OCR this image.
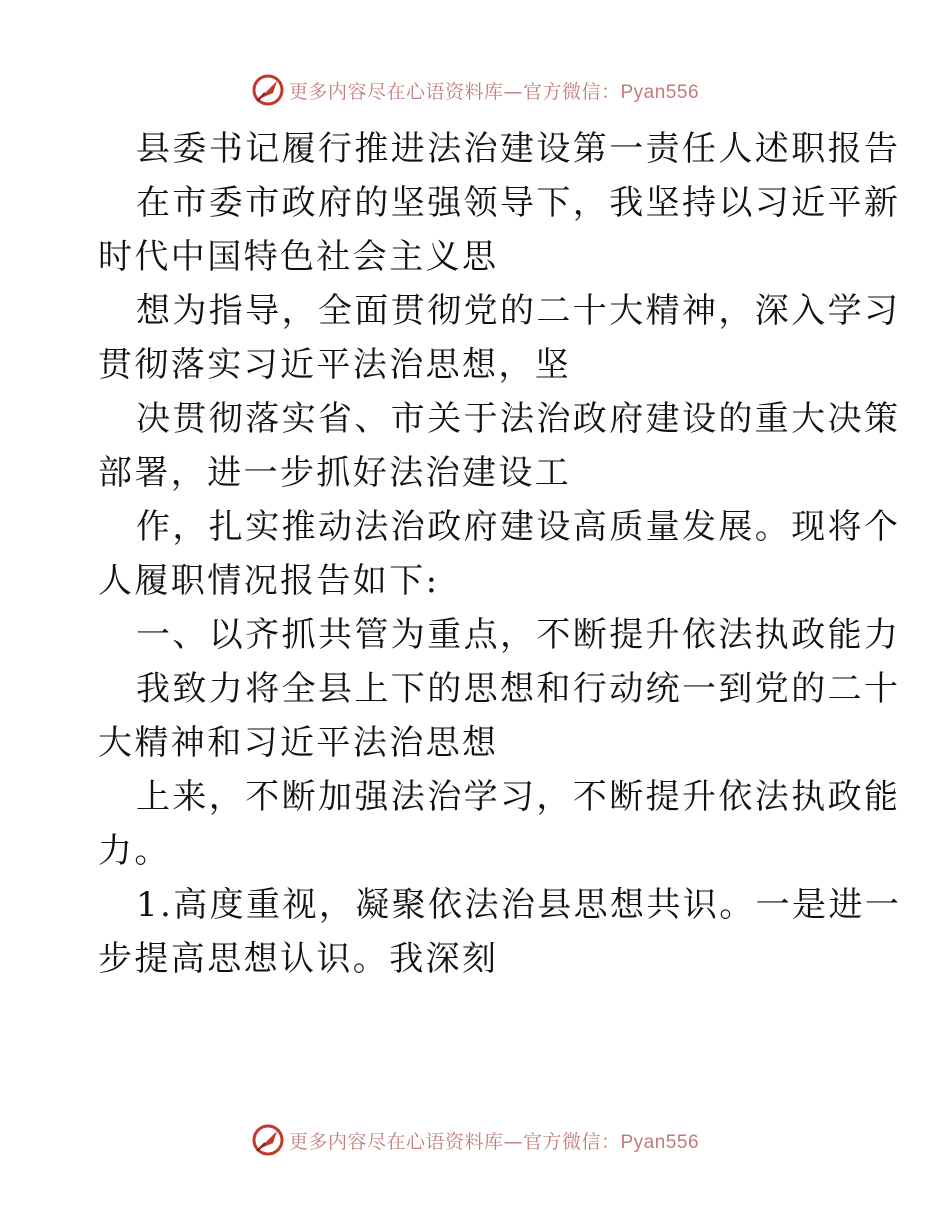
更多内容尽在心语资料库—官方微信：Pyan556
县委书记履行推进法治建设第一责任人述职报告
在市委市政府的坚强领导下，我坚持以习近平新
时代中国特色社会主义思
想为指导，全面贯彻党的二十大精神，深入学习
贯彻落实习近平法治思想，坚
决贯彻落实省、市关于法治政府建设的重大决策
部署，进一步抓好法治建设工
作，扎实推动法治政府建设高质量发展。现将个
人履职情况报告如下:
一、以齐抓共管为重点，不断提升依法执政能力
我致力将全县上下的思想和行动统一到党的二十
大精神和习近平法治思想
上来，不断加强法治学习，不断提升依法执政能
力。
1.高度重视，凝聚依法治县思想共识。一是进一
步提高思想认识。我深刻
更多内容尽在心语资料库—官方微信：Pyan556
